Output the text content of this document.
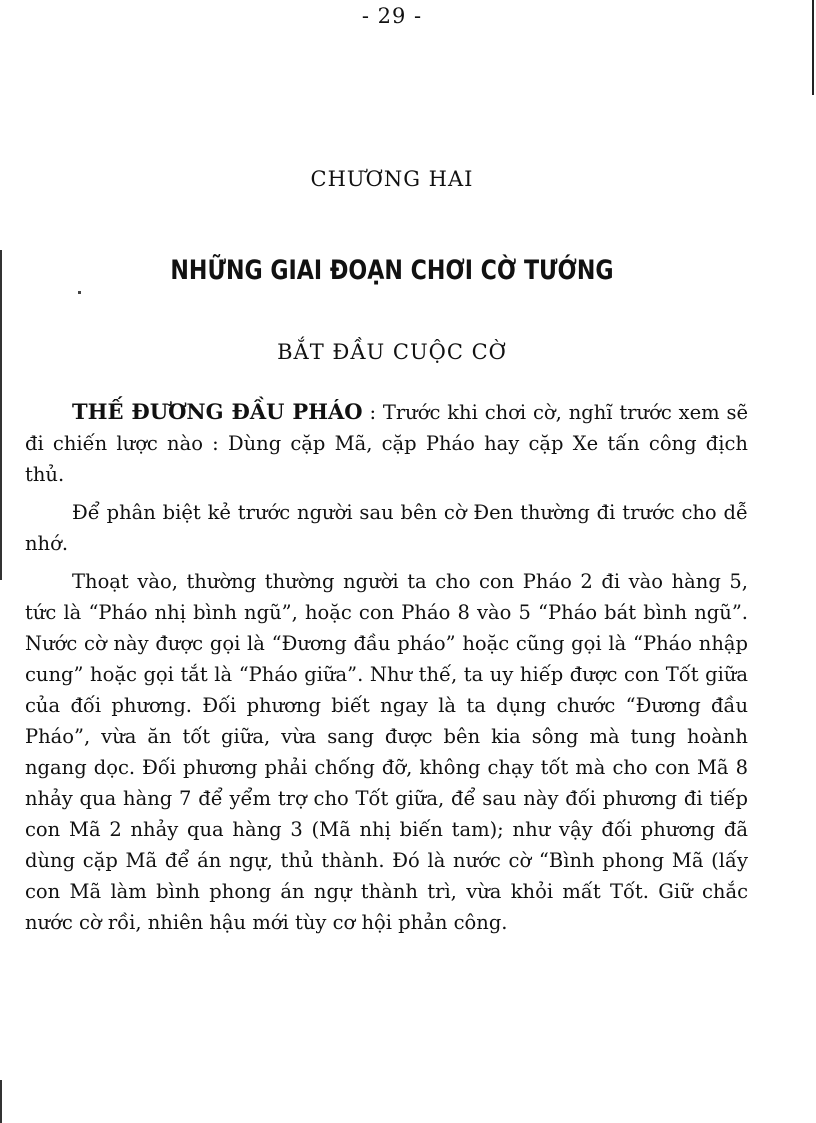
- 29 -
CHƯƠNG HAI
NHỮNG GIAI ĐOẠN CHƠI CỜ TƯỚNG
BẮT ĐẦU CUỘC CỜ

THẾ ĐƯƠNG ĐẦU PHÁO : Trước khi chơi cờ, nghĩ trước xem sẽ đi chiến lược nào : Dùng cặp Mã, cặp Pháo hay cặp Xe tấn công địch thủ.

Để phân biệt kẻ trước người sau bên cờ Đen thường đi trước cho dễ nhớ.

Thoạt vào, thường thường người ta cho con Pháo 2 đi vào hàng 5, tức là “Pháo nhị bình ngũ”, hoặc con Pháo 8 vào 5 “Pháo bát bình ngũ”. Nước cờ này được gọi là “Đương đầu pháo” hoặc cũng gọi là “Pháo nhập cung” hoặc gọi tắt là “Pháo giữa”. Như thế, ta uy hiếp được con Tốt giữa của đối phương. Đối phương biết ngay là ta dụng chước “Đương đầu Pháo”, vừa ăn tốt giữa, vừa sang được bên kia sông mà tung hoành ngang dọc. Đối phương phải chống đỡ, không chạy tốt mà cho con Mã 8 nhảy qua hàng 7 để yểm trợ cho Tốt giữa, để sau này đối phương đi tiếp con Mã 2 nhảy qua hàng 3 (Mã nhị biến tam); như vậy đối phương đã dùng cặp Mã để án ngự, thủ thành. Đó là nước cờ “Bình phong Mã (lấy con Mã làm bình phong án ngự thành trì, vừa khỏi mất Tốt. Giữ chắc nước cờ rồi, nhiên hậu mới tùy cơ hội phản công.
